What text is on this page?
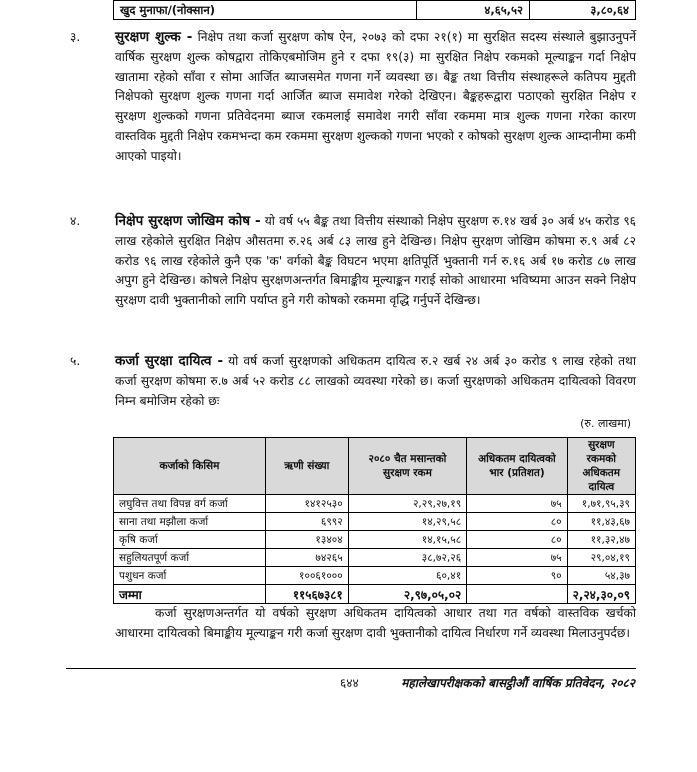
खुद मुनाफा/(नोक्सान)	४,६५,५२	३,८०,६४
३.	सुरक्षण शुल्क - निक्षेप तथा कर्जा सुरक्षण कोष ऐन, २०७३ को दफा २१(१) मा सुरक्षित सदस्य संस्थाले बुझाउनुपर्ने वार्षिक सुरक्षण शुल्क कोषद्वारा तोकिएबमोजिम हुने र दफा १९(३) मा सुरक्षित निक्षेप रकमको मूल्याङ्कन गर्दा निक्षेप खातामा रहेको साँवा र सोमा आर्जित ब्याजसमेत गणना गर्ने व्यवस्था छ। बैङ्क तथा वित्तीय संस्थाहरूले कतिपय मुद्दती निक्षेपको सुरक्षण शुल्क गणना गर्दा आर्जित ब्याज समावेश गरेको देखिएन। बैङ्कहरूद्वारा पठाएको सुरक्षित निक्षेप र सुरक्षण शुल्कको गणना प्रतिवेदनमा ब्याज रकमलाई समावेश नगरी साँवा रकममा मात्र शुल्क गणना गरेका कारण वास्तविक मुद्दती निक्षेप रकमभन्दा कम रकममा सुरक्षण शुल्कको गणना भएको र कोषको सुरक्षण शुल्क आम्दानीमा कमी आएको पाइयो।
४.	निक्षेप सुरक्षण जोखिम कोष - यो वर्ष ५५ बैङ्क तथा वित्तीय संस्थाको निक्षेप सुरक्षण रु.१४ खर्ब ३० अर्ब ४५ करोड ९६ लाख रहेकोले सुरक्षित निक्षेप औसतमा रु.२६ अर्ब ८३ लाख हुने देखिन्छ। निक्षेप सुरक्षण जोखिम कोषमा रु.९ अर्ब ८२ करोड ९६ लाख रहेकोले कुनै एक 'क' वर्गको बैङ्क विघटन भएमा क्षतिपूर्ति भुक्तानी गर्न रु.१६ अर्ब १७ करोड ८७ लाख अपुग हुने देखिन्छ। कोषले निक्षेप सुरक्षणअन्तर्गत बिमाङ्कीय मूल्याङ्कन गराई सोको आधारमा भविष्यमा आउन सक्ने निक्षेप सुरक्षण दावी भुक्तानीको लागि पर्याप्त हुने गरी कोषको रकममा वृद्धि गर्नुपर्ने देखिन्छ।
५.	कर्जा सुरक्षा दायित्व - यो वर्ष कर्जा सुरक्षणको अधिकतम दायित्व रु.२ खर्ब २४ अर्ब ३० करोड ९ लाख रहेको तथा कर्जा सुरक्षण कोषमा रु.७ अर्ब ५२ करोड ८८ लाखको व्यवस्था गरेको छ। कर्जा सुरक्षणको अधिकतम दायित्वको विवरण निम्न बमोजिम रहेको छः
(रु. लाखमा)
कर्जाको किसिम	ऋणी संख्या	२०८० चैत मसान्तको सुरक्षण रकम	अधिकतम दायित्वको भार (प्रतिशत)	सुरक्षण रकमको अधिकतम दायित्व
लघुवित्त तथा विपन्न वर्ग कर्जा	१४१२५३०	२,२९,२७,१९	७५	१,७१,९५,३९
साना तथा मझौला कर्जा	६९९२	१४,२९,५८	८०	११,४३,६७
कृषि कर्जा	१३४०४	१४,१५,५८	८०	११,३२,४७
सहुलियतपूर्ण कर्जा	७४२६५	३८,७२,२६	७५	२९,०४,१९
पशुधन कर्जा	१००६१०००	६०,४१	९०	५४,३७
जम्मा	११५६७३८१	२,९७,०५,०२		२,२४,३०,०९
कर्जा सुरक्षणअन्तर्गत यो वर्षको सुरक्षण अधिकतम दायित्वको आधार तथा गत वर्षको वास्तविक खर्चको आधारमा दायित्वको बिमाङ्कीय मूल्याङ्कन गरी कर्जा सुरक्षण दावी भुक्तानीको दायित्व निर्धारण गर्ने व्यवस्था मिलाउनुपर्दछ।
६४४	महालेखापरीक्षकको बासट्ठीऔं वार्षिक प्रतिवेदन, २०८२
